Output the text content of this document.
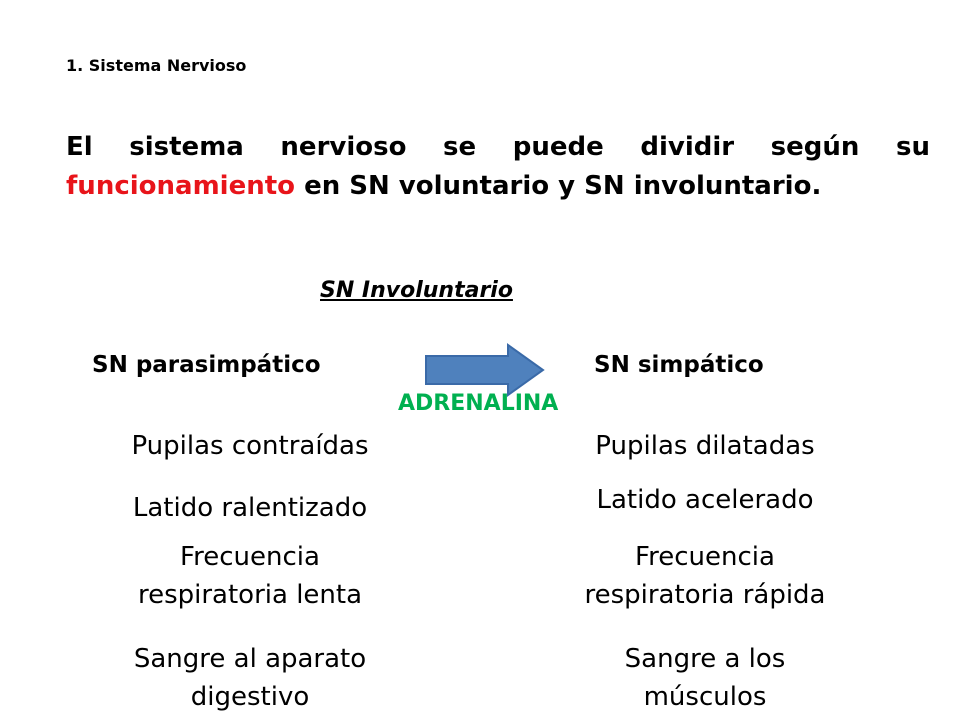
1. Sistema Nervioso
El sistema nervioso se puede dividir según su funcionamiento en SN voluntario y SN involuntario.
SN Involuntario
SN parasimpático	SN simpático
ADRENALINA
Pupilas contraídas
Latido ralentizado
Frecuencia
respiratoria lenta
Sangre al aparato
digestivo
Pupilas dilatadas
Latido acelerado
Frecuencia
respiratoria rápida
Sangre a los
músculos
